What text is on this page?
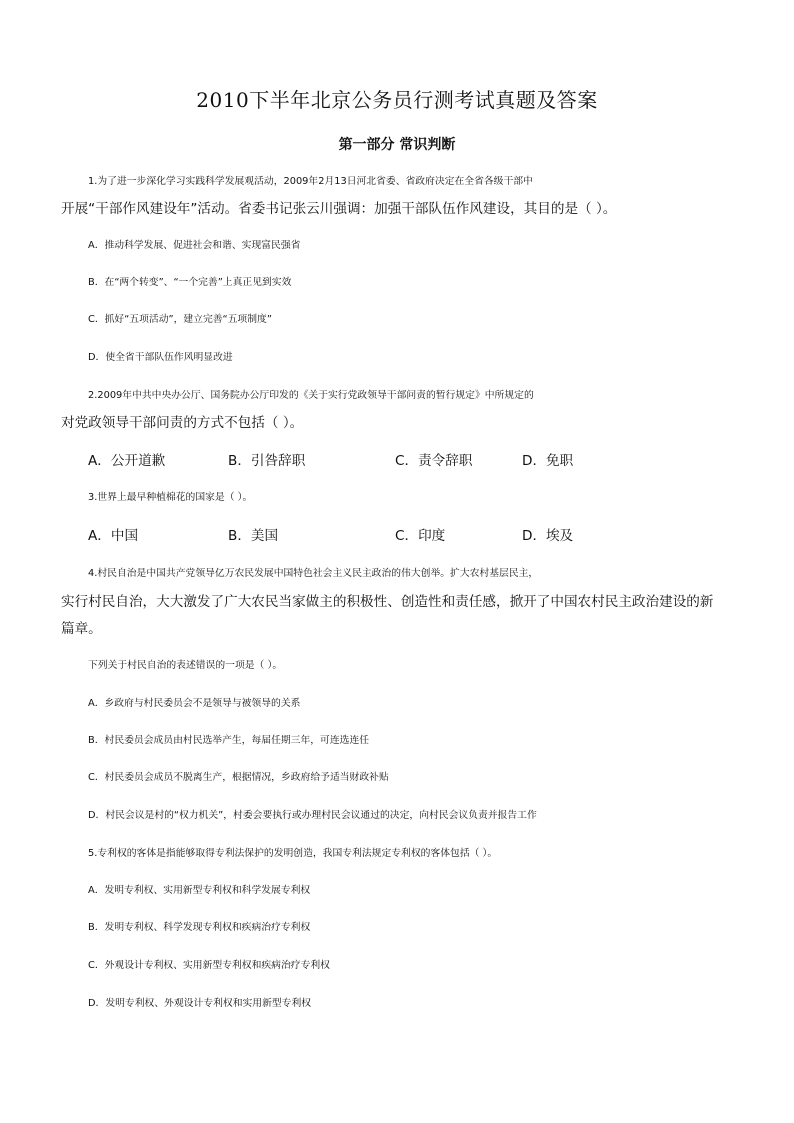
2010下半年北京公务员行测考试真题及答案
第一部分 常识判断
1.为了进一步深化学习实践科学发展观活动，2009年2月13日河北省委、省政府决定在全省各级干部中
开展“干部作风建设年”活动。省委书记张云川强调：加强干部队伍作风建设，其目的是（ ）。
A．推动科学发展、促进社会和谐、实现富民强省
B．在“两个转变”、“一个完善”上真正见到实效
C．抓好“五项活动”，建立完善“五项制度”
D．使全省干部队伍作风明显改进
2.2009年中共中央办公厅、国务院办公厅印发的《关于实行党政领导干部问责的暂行规定》中所规定的
对党政领导干部问责的方式不包括（ ）。
A．公开道歉	B．引咎辞职	C．责令辞职	D．免职
3.世界上最早种植棉花的国家是（ ）。
A．中国	B．美国	C．印度	D．埃及
4.村民自治是中国共产党领导亿万农民发展中国特色社会主义民主政治的伟大创举。扩大农村基层民主，
实行村民自治，大大激发了广大农民当家做主的积极性、创造性和责任感，掀开了中国农村民主政治建设的新
篇章。
下列关于村民自治的表述错误的一项是（ ）。
A．乡政府与村民委员会不是领导与被领导的关系
B．村民委员会成员由村民选举产生，每届任期三年，可连选连任
C．村民委员会成员不脱离生产，根据情况，乡政府给予适当财政补贴
D．村民会议是村的“权力机关”，村委会要执行或办理村民会议通过的决定，向村民会议负责并报告工作
5.专利权的客体是指能够取得专利法保护的发明创造，我国专利法规定专利权的客体包括（ ）。
A．发明专利权、实用新型专利权和科学发展专利权
B．发明专利权、科学发现专利权和疾病治疗专利权
C．外观设计专利权、实用新型专利权和疾病治疗专利权
D．发明专利权、外观设计专利权和实用新型专利权
